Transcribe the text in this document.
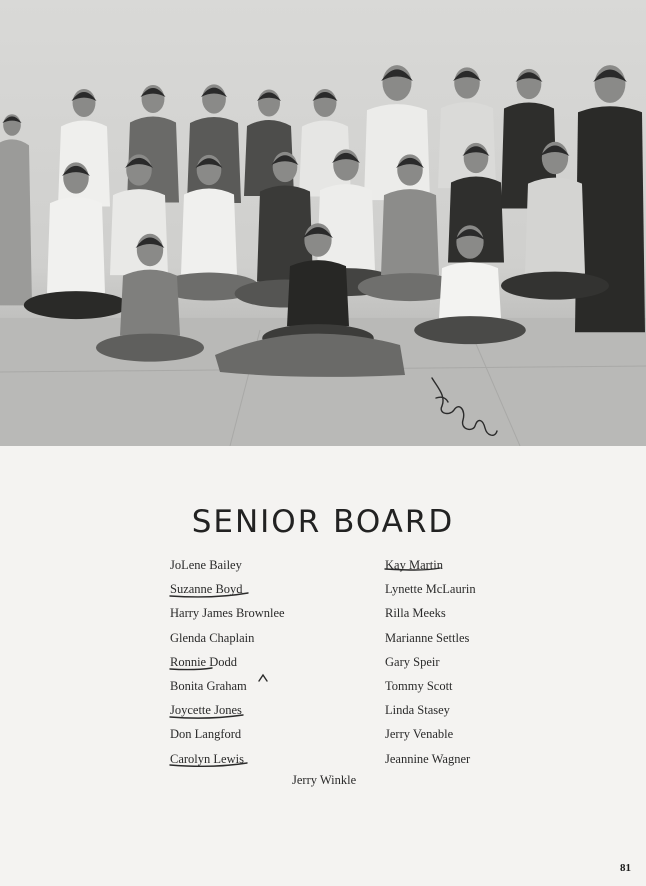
SENIOR BOARD
JoLene Bailey
Suzanne Boyd
Harry James Brownlee
Glenda Chaplain
Ronnie Dodd
Bonita Graham
Joycette Jones
Don Langford
Carolyn Lewis
Kay Martin
Lynette McLaurin
Rilla Meeks
Marianne Settles
Gary Speir
Tommy Scott
Linda Stasey
Jerry Venable
Jeannine Wagner
Jerry Winkle
81
